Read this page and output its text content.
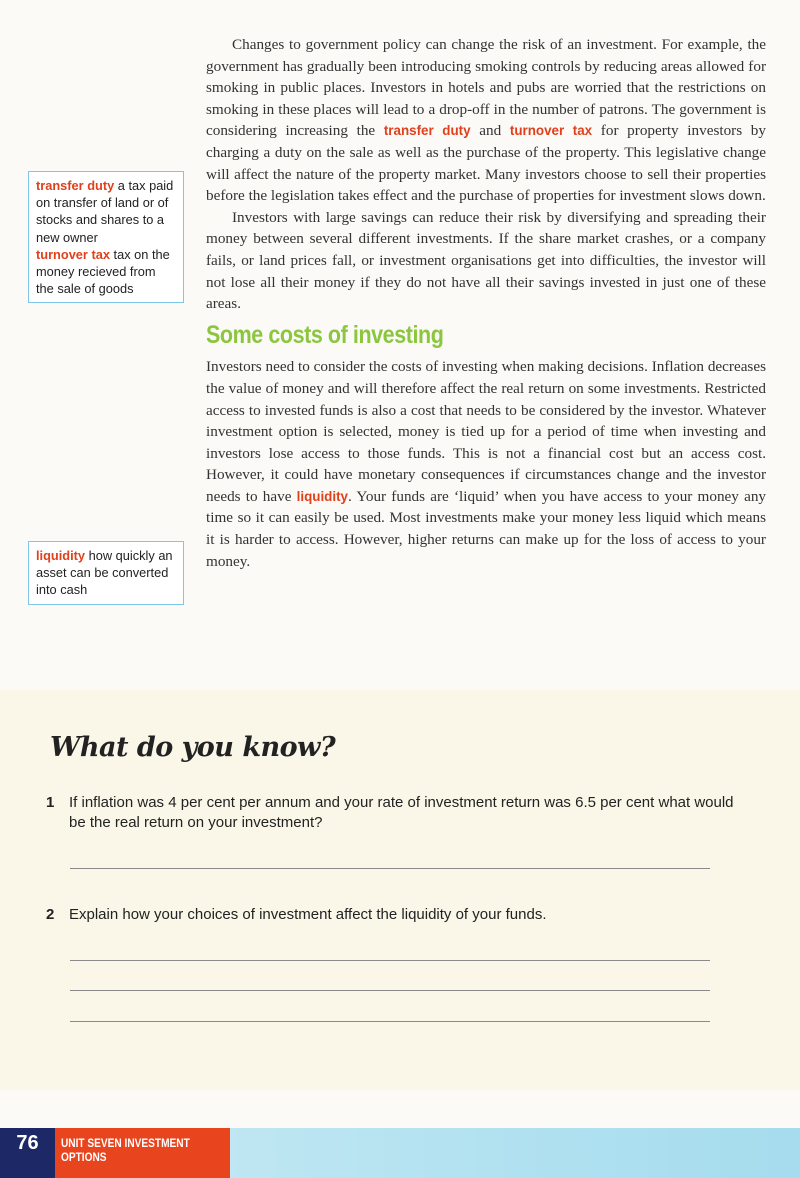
Changes to government policy can change the risk of an investment. For example, the government has gradually been introducing smoking controls by reducing areas allowed for smoking in public places. Investors in hotels and pubs are worried that the restrictions on smoking in these places will lead to a drop-off in the number of patrons. The government is considering increasing the transfer duty and turnover tax for property investors by charging a duty on the sale as well as the purchase of the property. This legislative change will affect the nature of the property market. Many investors choose to sell their properties before the legislation takes effect and the purchase of properties for investment slows down.

Investors with large savings can reduce their risk by diversifying and spreading their money between several different investments. If the share market crashes, or a company fails, or land prices fall, or investment organisations get into difficulties, the investor will not lose all their money if they do not have all their savings invested in just one of these areas.

Some costs of investing

Investors need to consider the costs of investing when making decisions. Inflation decreases the value of money and will therefore affect the real return on some investments. Restricted access to invested funds is also a cost that needs to be considered by the investor. Whatever investment option is selected, money is tied up for a period of time when investing and investors lose access to those funds. This is not a financial cost but an access cost. However, it could have monetary consequences if circumstances change and the investor needs to have liquidity. Your funds are ‘liquid’ when you have access to your money any time so it can easily be used. Most investments make your money less liquid which means it is harder to access. However, higher returns can make up for the loss of access to your money.

transfer duty a tax paid on transfer of land or of stocks and shares to a new owner
turnover tax tax on the money recieved from the sale of goods
liquidity how quickly an asset can be converted into cash
What do you know?
1 If inflation was 4 per cent per annum and your rate of investment return was 6.5 per cent what would be the real return on your investment?
2 Explain how your choices of investment affect the liquidity of your funds.
76	UNIT SEVEN INVESTMENT
OPTIONS
